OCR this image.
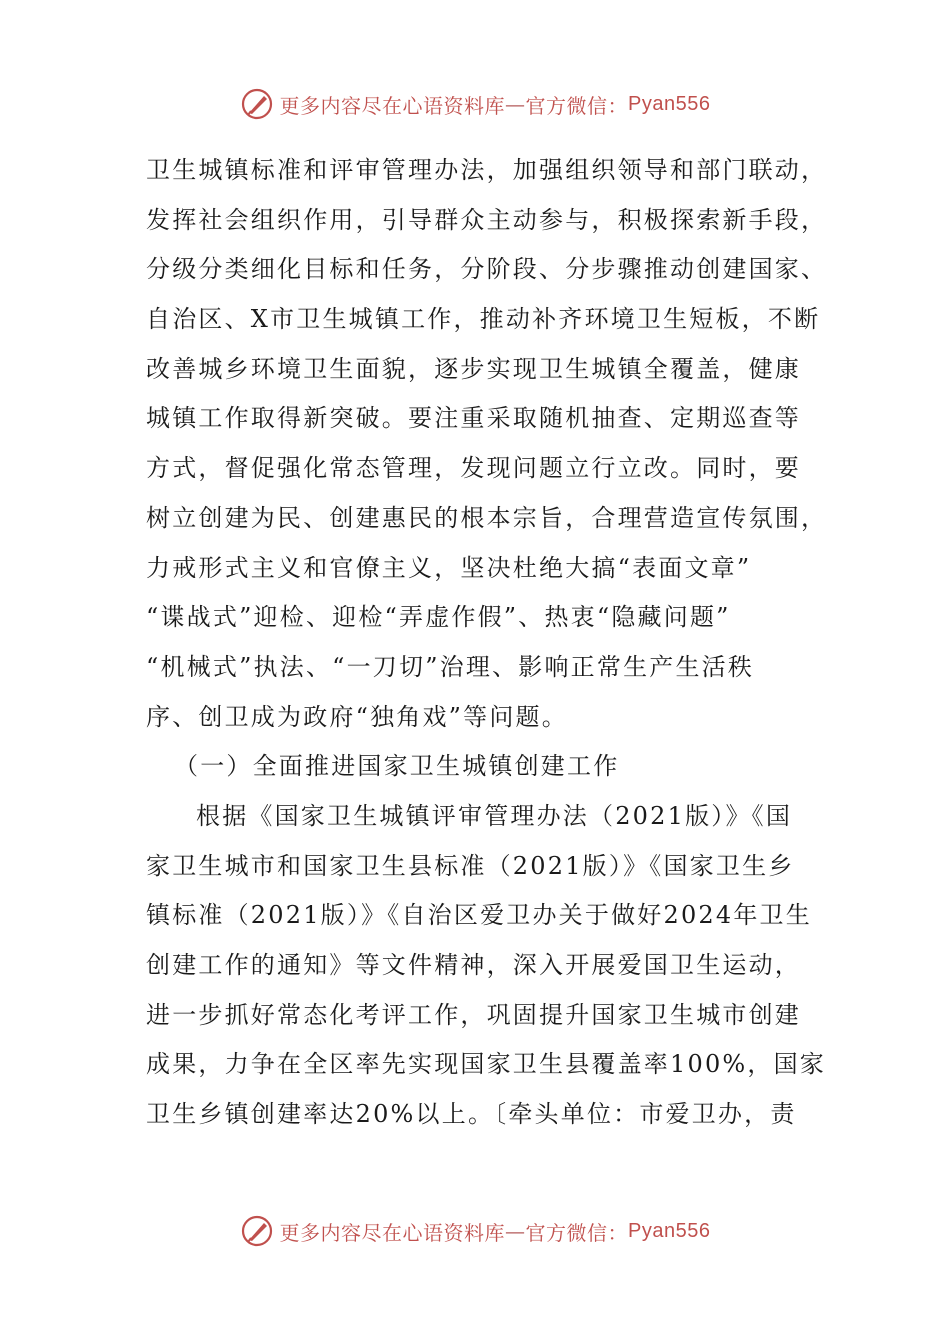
更多内容尽在心语资料库 — 官方微信： Pyan556
卫生城镇标准和评审管理办法，加强组织领导和部门联动，
发挥社会组织作用，引导群众主动参与，积极探索新手段，
分级分类细化目标和任务，分阶段、分步骤推动创建国家、
自治区、X市卫生城镇工作，推动补齐环境卫生短板，不断
改善城乡环境卫生面貌，逐步实现卫生城镇全覆盖，健康
城镇工作取得新突破。要注重采取随机抽查、定期巡查等
方式，督促强化常态管理，发现问题立行立改。同时，要
树立创建为民、创建惠民的根本宗旨，合理营造宣传氛围，
力戒形式主义和官僚主义，坚决杜绝大搞“表面文章”
“谍战式”迎检、迎检“弄虚作假”、热衷“隐藏问题”
“机械式”执法、“一刀切”治理、影响正常生产生活秩
序、创卫成为政府“独角戏”等问题。
（一）全面推进国家卫生城镇创建工作
根据《国家卫生城镇评审管理办法（2021版）》《国
家卫生城市和国家卫生县标准（2021版）》《国家卫生乡
镇标准（2021版）》《自治区爱卫办关于做好2024年卫生
创建工作的通知》等文件精神，深入开展爱国卫生运动，
进一步抓好常态化考评工作，巩固提升国家卫生城市创建
成果，力争在全区率先实现国家卫生县覆盖率100%，国家
卫生乡镇创建率达20%以上。〔牵头单位：市爱卫办，责
更多内容尽在心语资料库 — 官方微信： Pyan556
